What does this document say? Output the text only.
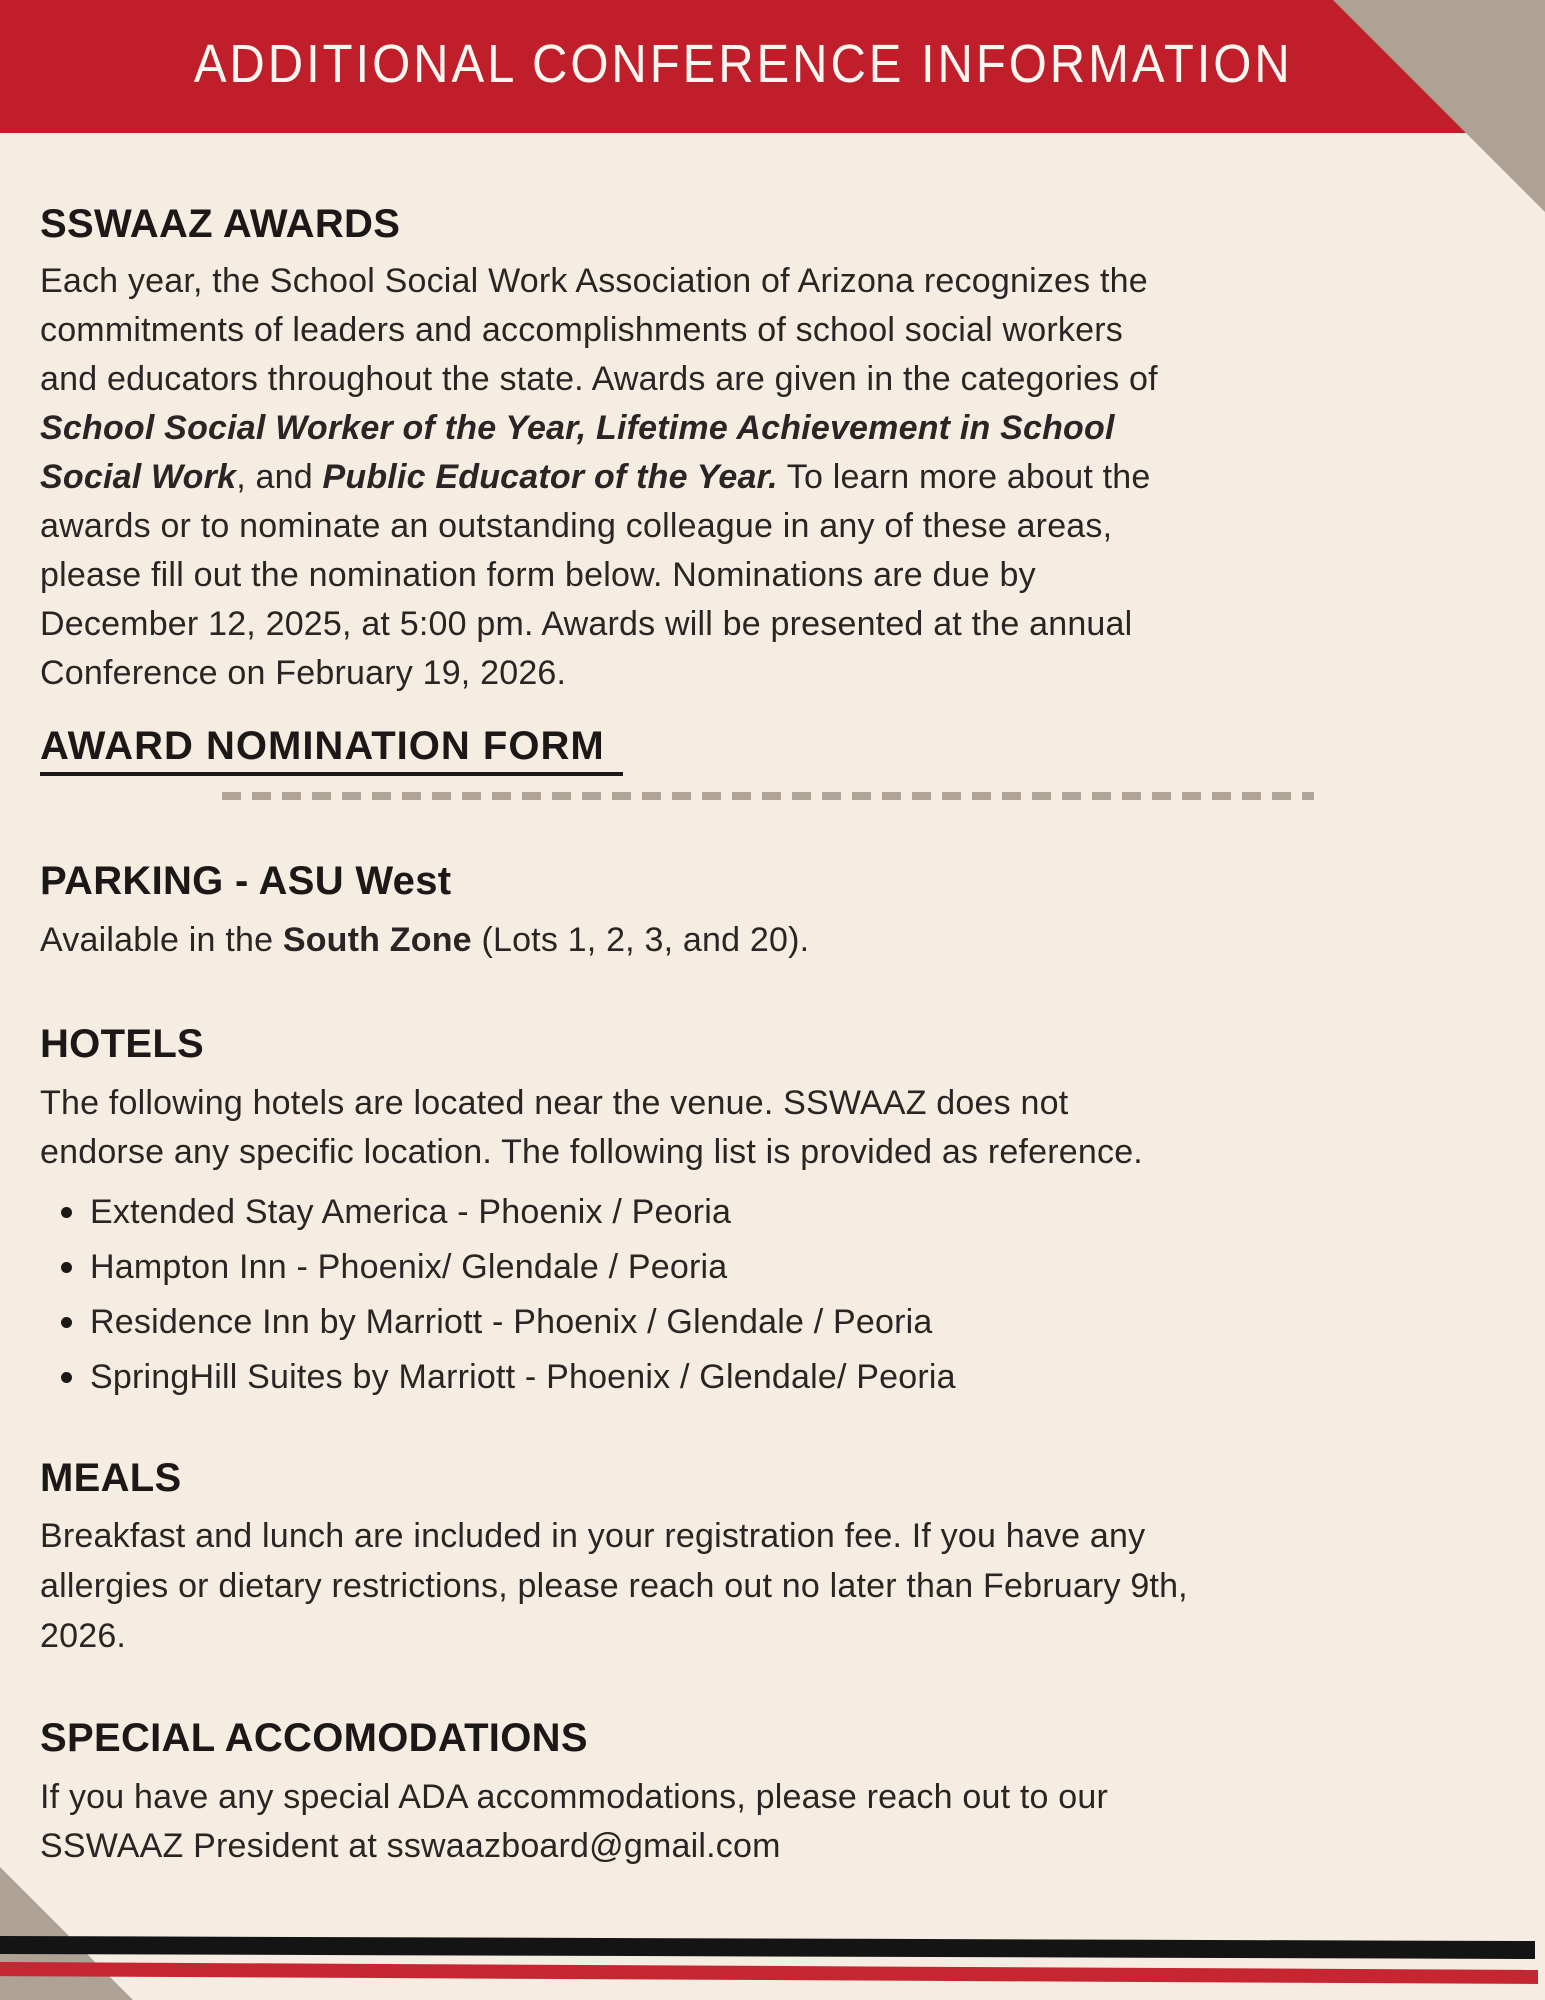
ADDITIONAL CONFERENCE INFORMATION
SSWAAZ AWARDS
Each year, the School Social Work Association of Arizona recognizes the
commitments of leaders and accomplishments of school social workers
and educators throughout the state. Awards are given in the categories of
School Social Worker of the Year, Lifetime Achievement in School
Social Work, and Public Educator of the Year. To learn more about the
awards or to nominate an outstanding colleague in any of these areas,
please fill out the nomination form below. Nominations are due by
December 12, 2025, at 5:00 pm. Awards will be presented at the annual
Conference on February 19, 2026.
AWARD NOMINATION FORM
PARKING - ASU West
Available in the South Zone (Lots 1, 2, 3, and 20).
HOTELS
The following hotels are located near the venue. SSWAAZ does not
endorse any specific location. The following list is provided as reference.
Extended Stay America - Phoenix / Peoria
Hampton Inn - Phoenix/ Glendale / Peoria
Residence Inn by Marriott - Phoenix / Glendale / Peoria
SpringHill Suites by Marriott - Phoenix / Glendale/ Peoria
MEALS
Breakfast and lunch are included in your registration fee. If you have any
allergies or dietary restrictions, please reach out no later than February 9th,
2026.
SPECIAL ACCOMODATIONS
If you have any special ADA accommodations, please reach out to our
SSWAAZ President at sswaazboard@gmail.com
